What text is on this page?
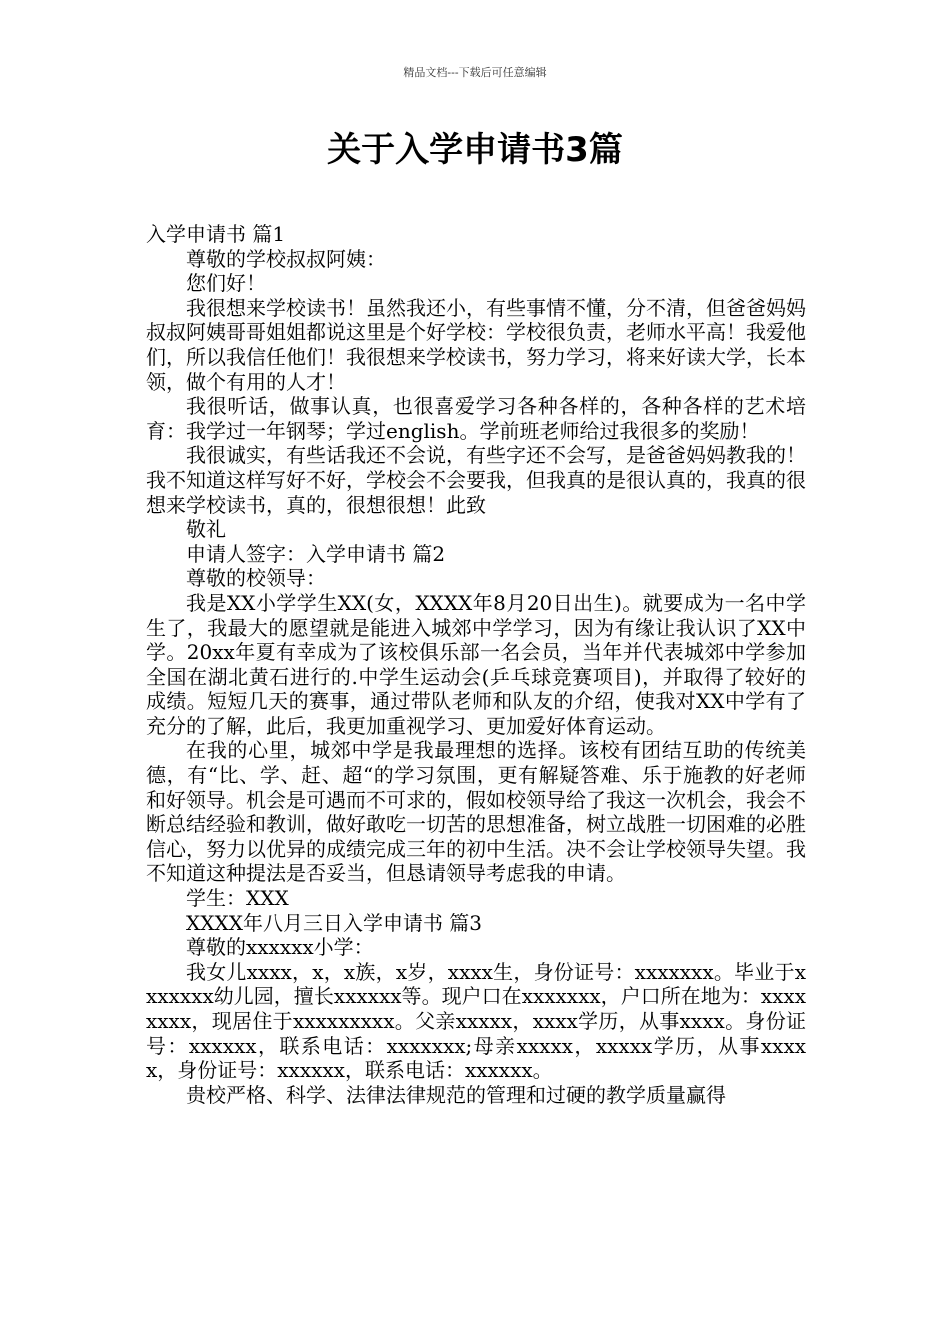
精品文档---下载后可任意编辑
关于入学申请书3篇

入学申请书 篇1

尊敬的学校叔叔阿姨：

您们好！

我很想来学校读书！虽然我还小，有些事情不懂，分不清，但爸爸妈妈叔叔阿姨哥哥姐姐都说这里是个好学校：学校很负责，老师水平高！我爱他们，所以我信任他们！我很想来学校读书，努力学习，将来好读大学，长本领，做个有用的人才！

我很听话，做事认真，也很喜爱学习各种各样的，各种各样的艺术培育：我学过一年钢琴；学过english。学前班老师给过我很多的奖励！

我很诚实，有些话我还不会说，有些字还不会写，是爸爸妈妈教我的！我不知道这样写好不好，学校会不会要我，但我真的是很认真的，我真的很想来学校读书，真的，很想很想！此致

敬礼

申请人签字：入学申请书 篇2

尊敬的校领导：

我是XX小学学生XX(女，XXXX年8月20日出生)。就要成为一名中学生了，我最大的愿望就是能进入城郊中学学习，因为有缘让我认识了XX中学。20xx年夏有幸成为了该校俱乐部一名会员，当年并代表城郊中学参加全国在湖北黄石进行的.中学生运动会(乒乓球竞赛项目)，并取得了较好的成绩。短短几天的赛事，通过带队老师和队友的介绍，使我对XX中学有了充分的了解，此后，我更加重视学习、更加爱好体育运动。

在我的心里，城郊中学是我最理想的选择。该校有团结互助的传统美德，有“比、学、赶、超“的学习氛围，更有解疑答难、乐于施教的好老师和好领导。机会是可遇而不可求的，假如校领导给了我这一次机会，我会不断总结经验和教训，做好敢吃一切苦的思想准备，树立战胜一切困难的必胜信心，努力以优异的成绩完成三年的初中生活。决不会让学校领导失望。我不知道这种提法是否妥当，但恳请领导考虑我的申请。

学生：XXX

XXXX年八月三日入学申请书 篇3

尊敬的xxxxxx小学：

我女儿xxxx，x，x族，x岁，xxxx生，身份证号：xxxxxxx。毕业于xxxxxxx幼儿园，擅长xxxxxx等。现户口在xxxxxxx，户口所在地为：xxxxxxxx，现居住于xxxxxxxxx。父亲xxxxx，xxxx学历，从事xxxx。身份证号：xxxxxx，联系电话：xxxxxxx;母亲xxxxx，xxxxx学历，从事xxxxx，身份证号：xxxxxx，联系电话：xxxxxx。

贵校严格、科学、法律法律规范的管理和过硬的教学质量赢得
